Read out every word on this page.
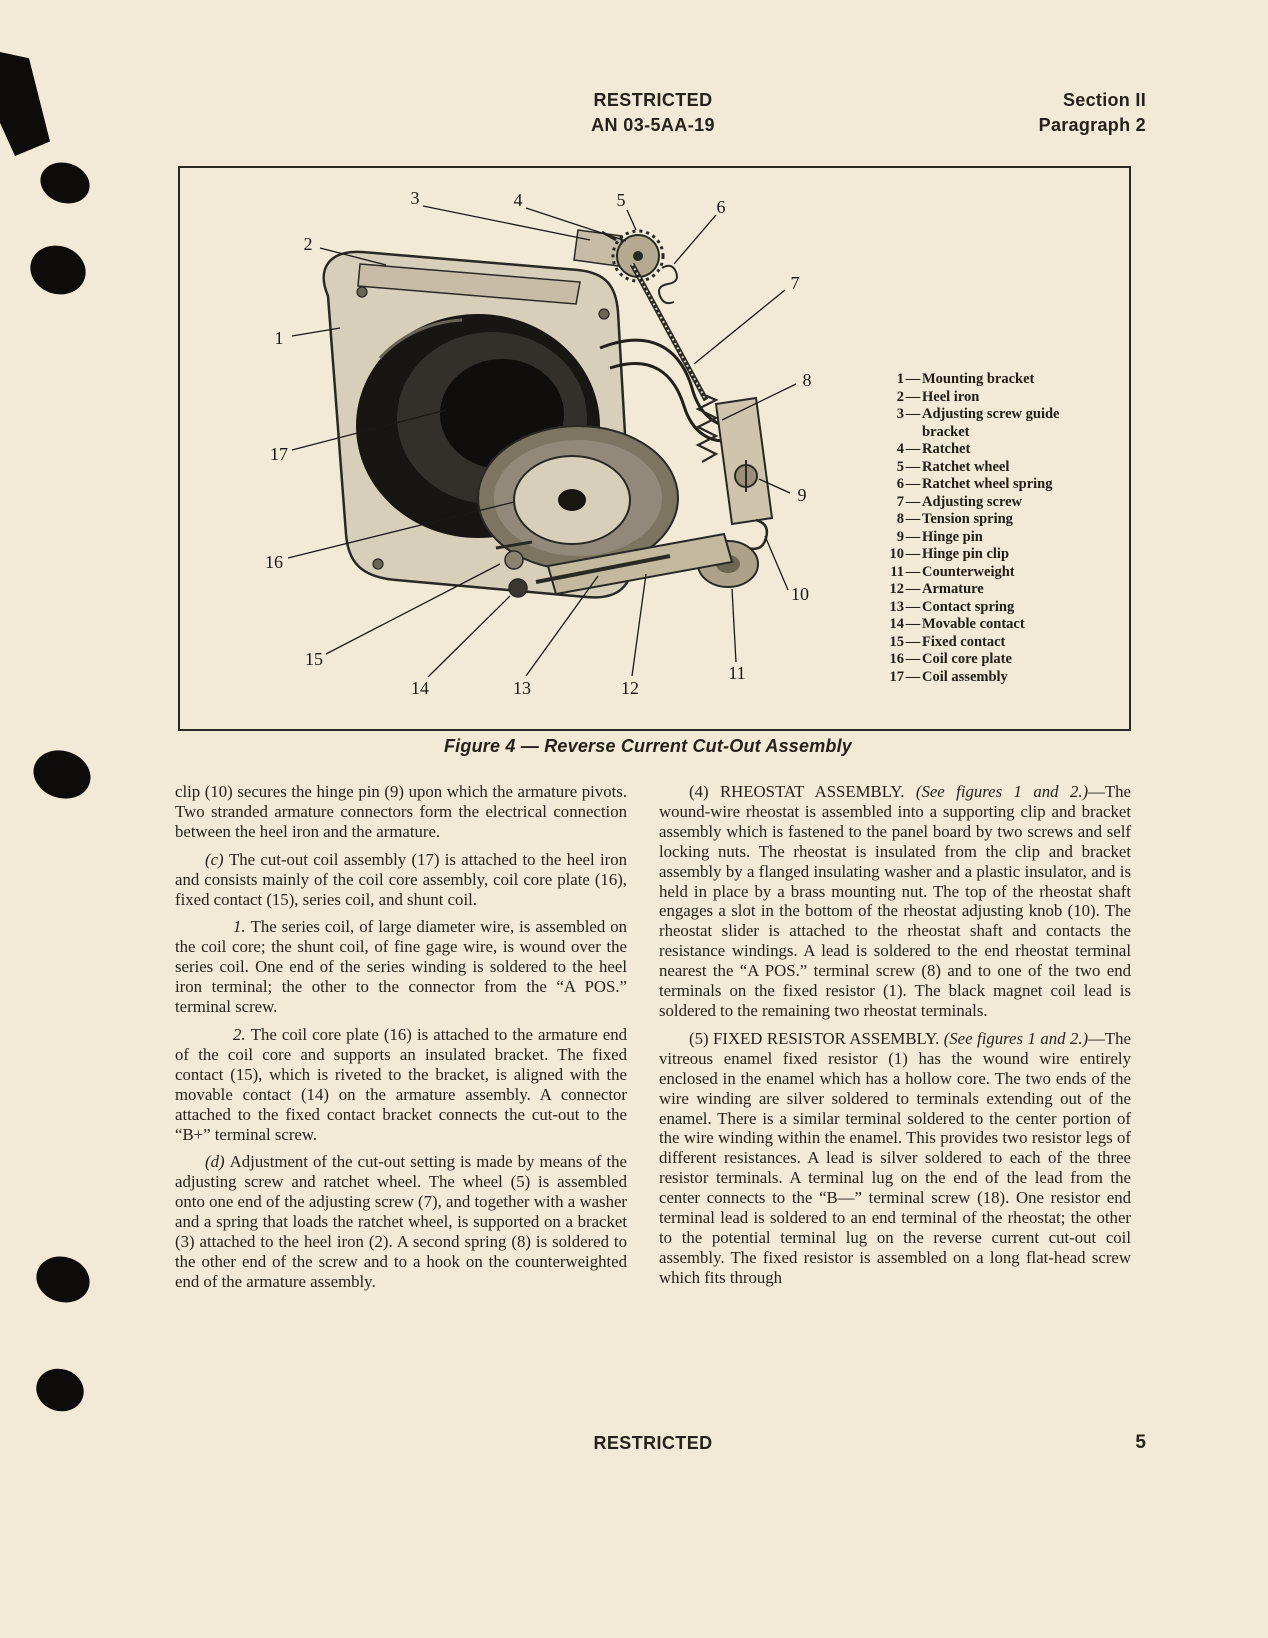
RESTRICTED
AN 03-5AA-19
Section II
Paragraph 2
1
2
3	4	5	6
7
8
9
10
11
12
13
14
15
16
17
1 — Mounting bracket
2 — Heel iron
3 — Adjusting screw guide bracket
4 — Ratchet
5 — Ratchet wheel
6 — Ratchet wheel spring
7 — Adjusting screw
8 — Tension spring
9 — Hinge pin
10 — Hinge pin clip
11 — Counterweight
12 — Armature
13 — Contact spring
14 — Movable contact
15 — Fixed contact
16 — Coil core plate
17 — Coil assembly
Figure 4 — Reverse Current Cut-Out Assembly

clip (10) secures the hinge pin (9) upon which the armature pivots. Two stranded armature connectors form the electrical connection between the heel iron and the armature.

(c) The cut-out coil assembly (17) is attached to the heel iron and consists mainly of the coil core assembly, coil core plate (16), fixed contact (15), series coil, and shunt coil.

1. The series coil, of large diameter wire, is assembled on the coil core; the shunt coil, of fine gage wire, is wound over the series coil. One end of the series winding is soldered to the heel iron terminal; the other to the connector from the “A POS.” terminal screw.

2. The coil core plate (16) is attached to the armature end of the coil core and supports an insulated bracket. The fixed contact (15), which is riveted to the bracket, is aligned with the movable contact (14) on the armature assembly. A connector attached to the fixed contact bracket connects the cut-out to the “B+” terminal screw.

(d) Adjustment of the cut-out setting is made by means of the adjusting screw and ratchet wheel. The wheel (5) is assembled onto one end of the adjusting screw (7), and together with a washer and a spring that loads the ratchet wheel, is supported on a bracket (3) attached to the heel iron (2). A second spring (8) is soldered to the other end of the screw and to a hook on the counterweighted end of the armature assembly.

(4) RHEOSTAT ASSEMBLY. (See figures 1 and 2.)—The wound-wire rheostat is assembled into a supporting clip and bracket assembly which is fastened to the panel board by two screws and self locking nuts. The rheostat is insulated from the clip and bracket assembly by a flanged insulating washer and a plastic insulator, and is held in place by a brass mounting nut. The top of the rheostat shaft engages a slot in the bottom of the rheostat adjusting knob (10). The rheostat slider is attached to the rheostat shaft and contacts the resistance windings. A lead is soldered to the end rheostat terminal nearest the “A POS.” terminal screw (8) and to one of the two end terminals on the fixed resistor (1). The black magnet coil lead is soldered to the remaining two rheostat terminals.

(5) FIXED RESISTOR ASSEMBLY. (See figures 1 and 2.)—The vitreous enamel fixed resistor (1) has the wound wire entirely enclosed in the enamel which has a hollow core. The two ends of the wire winding are silver soldered to terminals extending out of the enamel. There is a similar terminal soldered to the center portion of the wire winding within the enamel. This provides two resistor legs of different resistances. A lead is silver soldered to each of the three resistor terminals. A terminal lug on the end of the lead from the center connects to the “B—” terminal screw (18). One resistor end terminal lead is soldered to an end terminal of the rheostat; the other to the potential terminal lug on the reverse current cut-out coil assembly. The fixed resistor is assembled on a long flat-head screw which fits through

RESTRICTED	5
